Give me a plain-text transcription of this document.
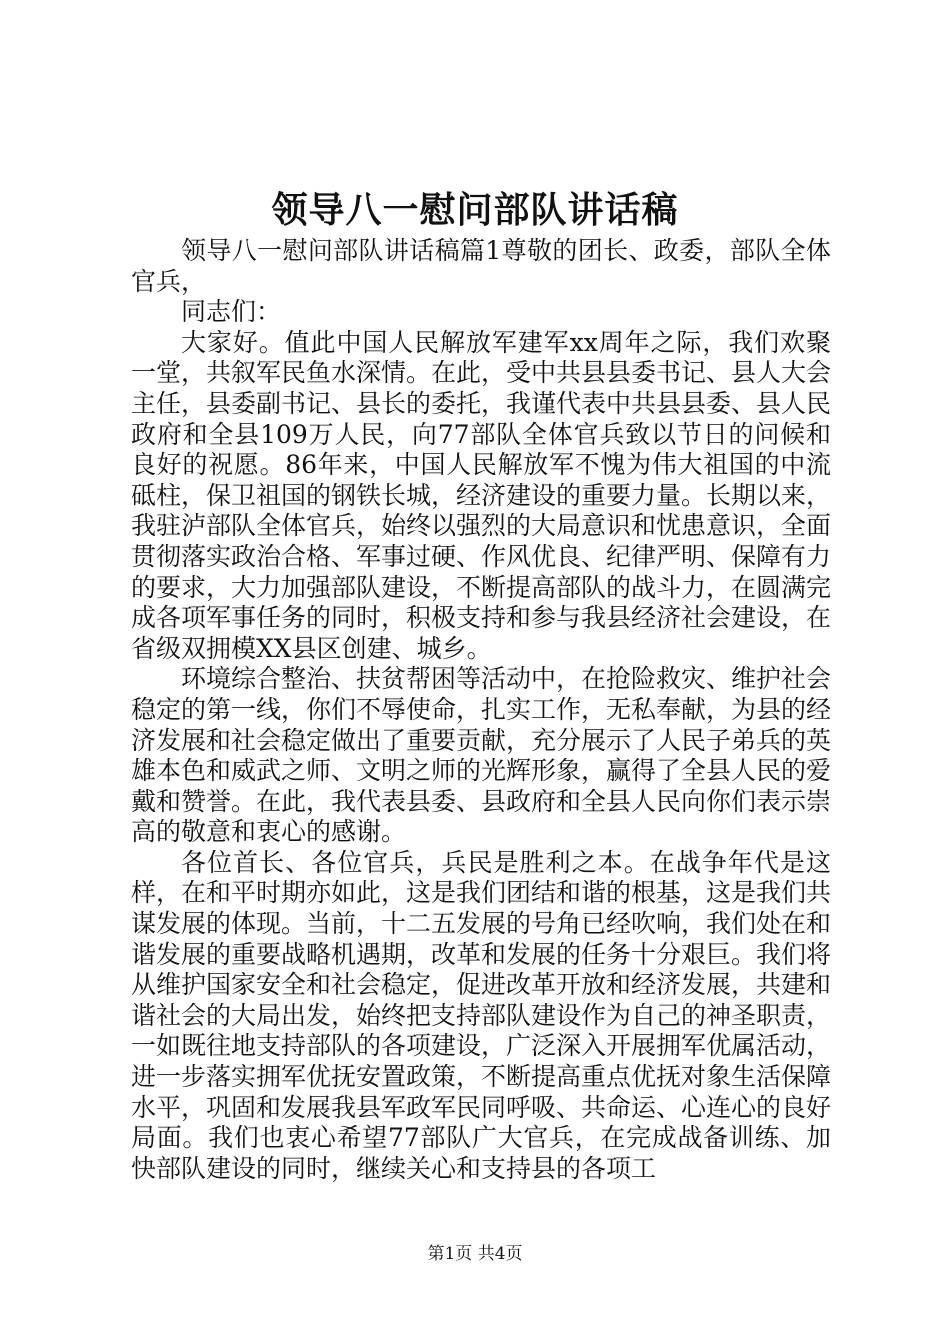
领导八一慰问部队讲话稿

领导八一慰问部队讲话稿篇1尊敬的团长、政委，部队全体官兵，

同志们：

大家好。值此中国人民解放军建军xx周年之际，我们欢聚一堂，共叙军民鱼水深情。在此，受中共县县委书记、县人大会主任，县委副书记、县长的委托，我谨代表中共县县委、县人民政府和全县109万人民，向77部队全体官兵致以节日的问候和良好的祝愿。86年来，中国人民解放军不愧为伟大祖国的中流砥柱，保卫祖国的钢铁长城，经济建设的重要力量。长期以来，我驻泸部队全体官兵，始终以强烈的大局意识和忧患意识，全面贯彻落实政治合格、军事过硬、作风优良、纪律严明、保障有力的要求，大力加强部队建设，不断提高部队的战斗力，在圆满完成各项军事任务的同时，积极支持和参与我县经济社会建设，在省级双拥模XX县区创建、城乡。

环境综合整治、扶贫帮困等活动中，在抢险救灾、维护社会稳定的第一线，你们不辱使命，扎实工作，无私奉献，为县的经济发展和社会稳定做出了重要贡献，充分展示了人民子弟兵的英雄本色和威武之师、文明之师的光辉形象，赢得了全县人民的爱戴和赞誉。在此，我代表县委、县政府和全县人民向你们表示崇高的敬意和衷心的感谢。

各位首长、各位官兵，兵民是胜利之本。在战争年代是这样，在和平时期亦如此，这是我们团结和谐的根基，这是我们共谋发展的体现。当前，十二五发展的号角已经吹响，我们处在和谐发展的重要战略机遇期，改革和发展的任务十分艰巨。我们将从维护国家安全和社会稳定，促进改革开放和经济发展，共建和谐社会的大局出发，始终把支持部队建设作为自己的神圣职责，一如既往地支持部队的各项建设，广泛深入开展拥军优属活动，进一步落实拥军优抚安置政策，不断提高重点优抚对象生活保障水平，巩固和发展我县军政军民同呼吸、共命运、心连心的良好局面。我们也衷心希望77部队广大官兵，在完成战备训练、加快部队建设的同时，继续关心和支持县的各项工

第1页 共4页
